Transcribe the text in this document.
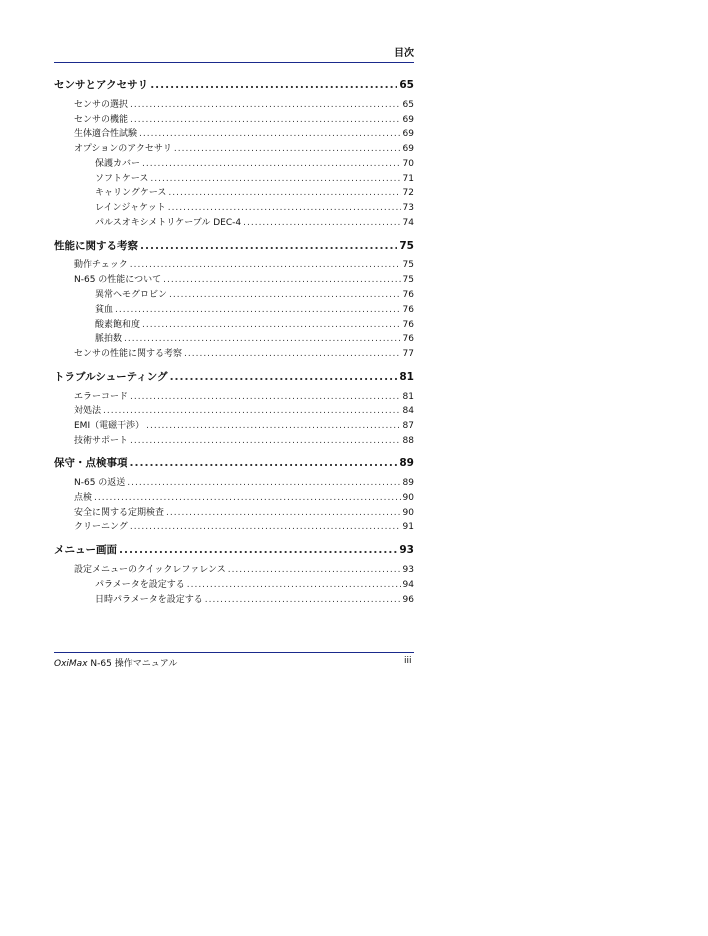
目次
センサとアクセサリ .....	65
センサの選択 .....	65
センサの機能 .....	69
生体適合性試験 .....	69
オプションのアクセサリ .....	69
保護カバー .....	70
ソフトケース .....	71
キャリングケース .....	72
レインジャケット .....	73
パルスオキシメトリケーブル DEC-4 .....	74
性能に関する考察 .....	75
動作チェック .....	75
N-65 の性能について .....	75
異常ヘモグロビン .....	76
貧血 .....	76
酸素飽和度 .....	76
脈拍数 .....	76
センサの性能に関する考察 .....	77
トラブルシューティング .....	81
エラーコード .....	81
対処法 .....	84
EMI（電磁干渉） .....	87
技術サポート .....	88
保守・点検事項 .....	89
N-65 の返送 .....	89
点検 .....	90
安全に関する定期検査 .....	90
クリーニング .....	91
メニュー画面 .....	93
設定メニューのクイックレファレンス .....	93
パラメータを設定する .....	94
日時パラメータを設定する .....	96
OxiMax N-65 操作マニュアル	iii
